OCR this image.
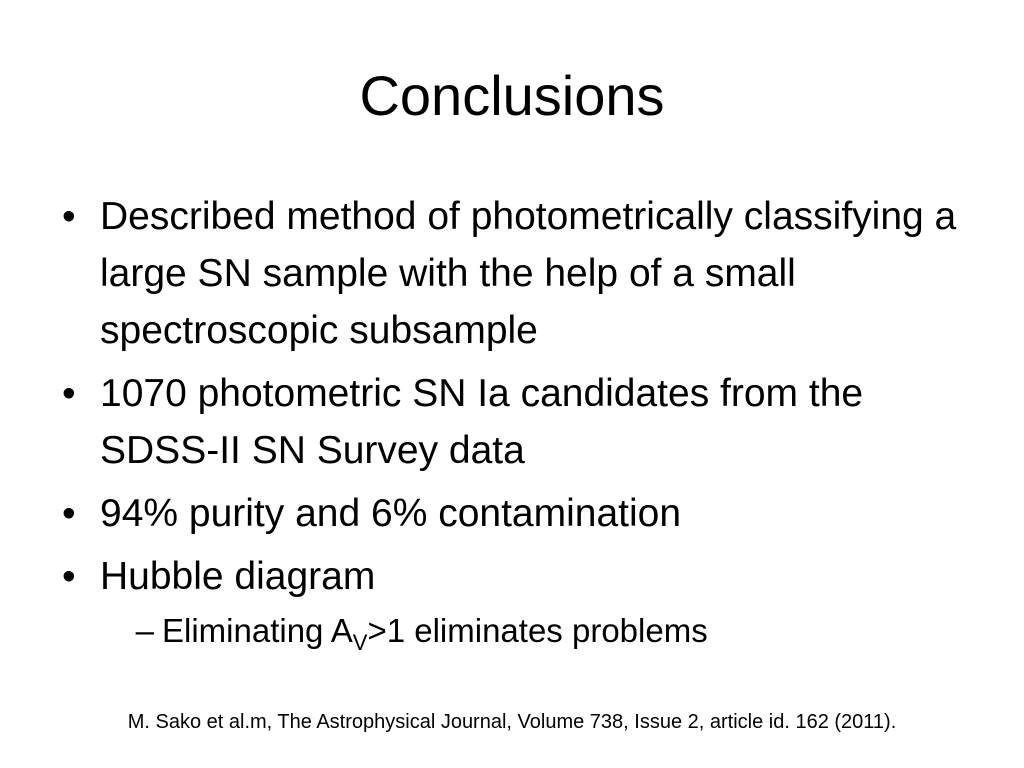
Conclusions
• Described method of photometrically classifying a large SN sample with the help of a small spectroscopic subsample
• 1070 photometric SN Ia candidates from the SDSS-II SN Survey data
• 94% purity and 6% contamination
• Hubble diagram
– Eliminating $A_V>1$ eliminates problems
M. Sako et al.m, The Astrophysical Journal, Volume 738, Issue 2, article id. 162 (2011).
